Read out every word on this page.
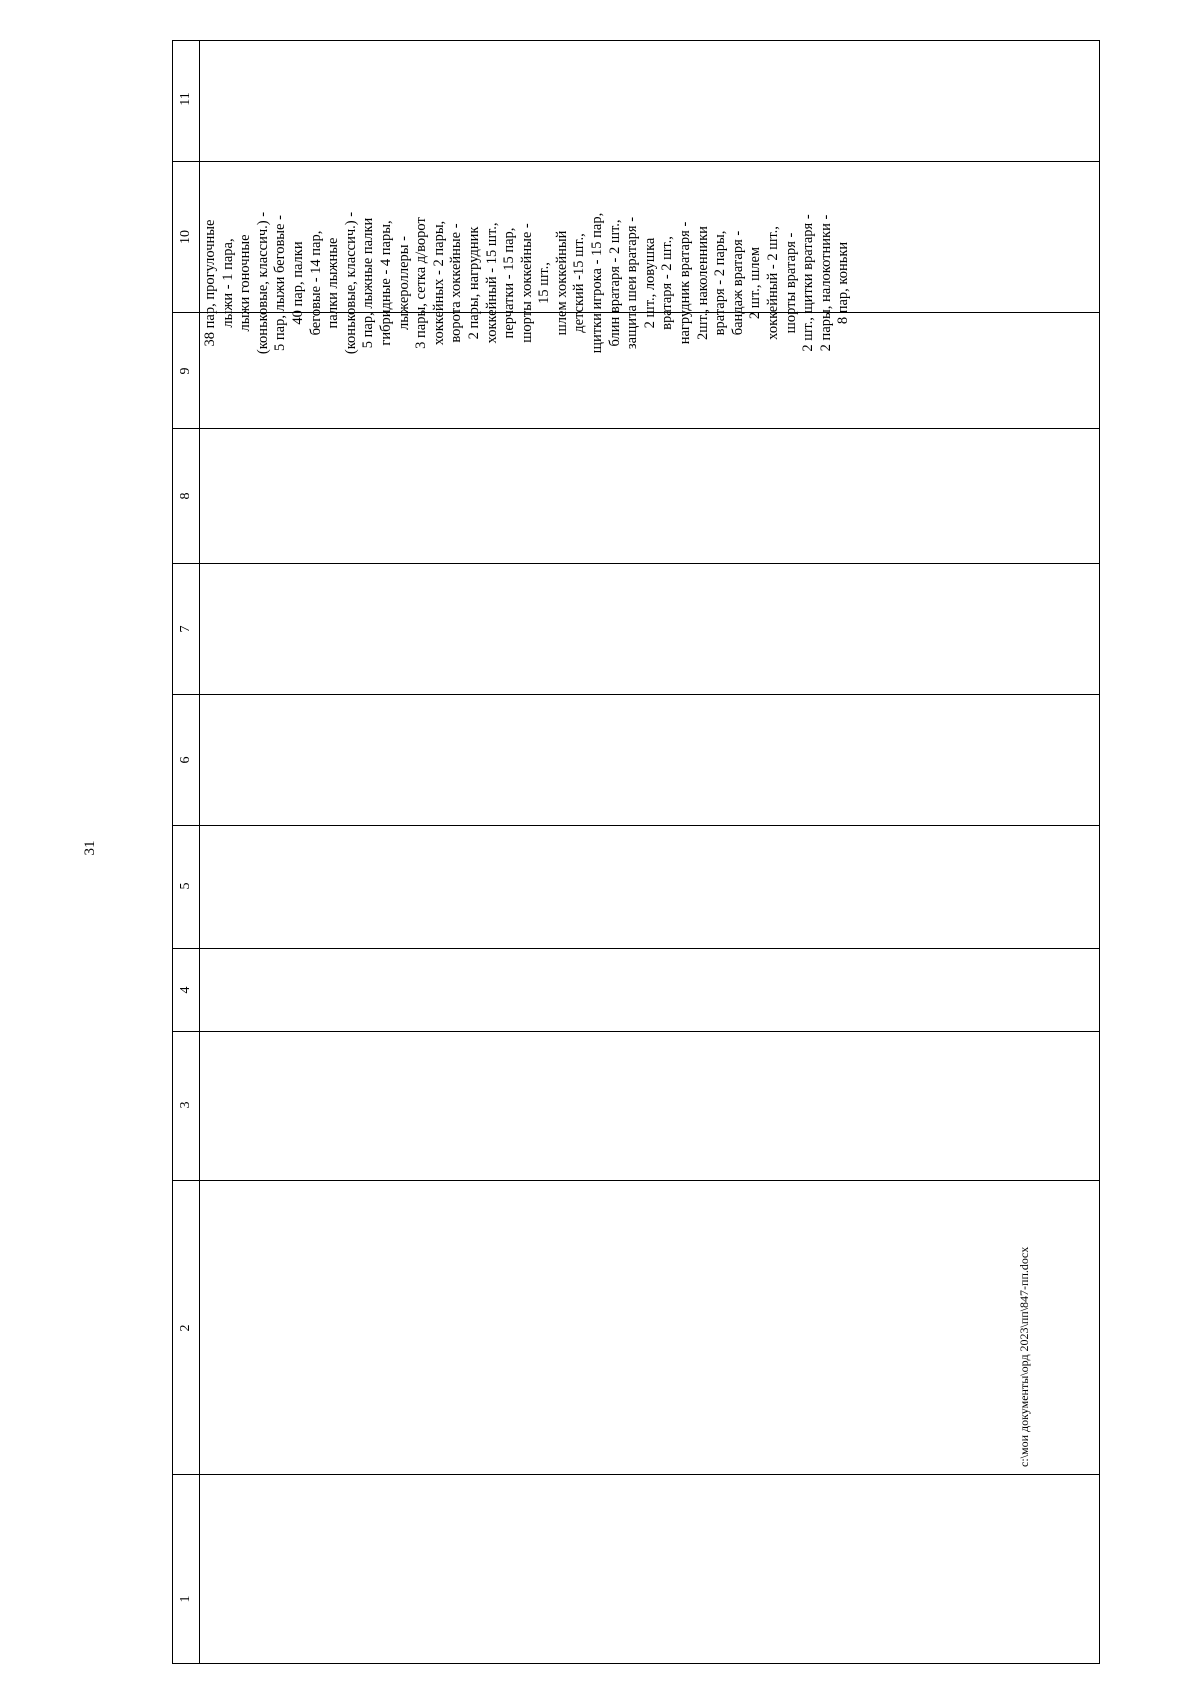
31
1
2
3
4
5
6
7
8
9
10
11
38 пар, прогулочные
лыжи - 1 пара,
лыжи гоночные
(коньковые, классич.) -
5 пар, лыжи беговые -
40 пар, палки
беговые - 14 пар,
палки лыжные
(коньковые, классич.) -
5 пар, лыжные палки
гибридные - 4 пары,
лыжероллеры -
3 пары, сетка д/ворот
хоккейных - 2 пары,
ворота хоккейные -
2 пары, нагрудник
хоккейный - 15 шт.,
перчатки - 15 пар,
шорты хоккейные -
15 шт.,
шлем хоккейный
детский -15 шт.,
щитки игрока - 15 пар,
блин вратаря - 2 шт.,
защита шеи вратаря -
2 шт., ловушка
вратаря - 2 шт.,
нагрудник вратаря -
2шт., наколенники
вратаря - 2 пары,
бандаж вратаря -
2 шт., шлем
хоккейный - 2 шт.,
шорты вратаря -
2 шт., щитки вратаря -
2 пары, налокотники -
8 пар, коньки
c:\мои документы\орд 2023\пп\847-пп.docx
